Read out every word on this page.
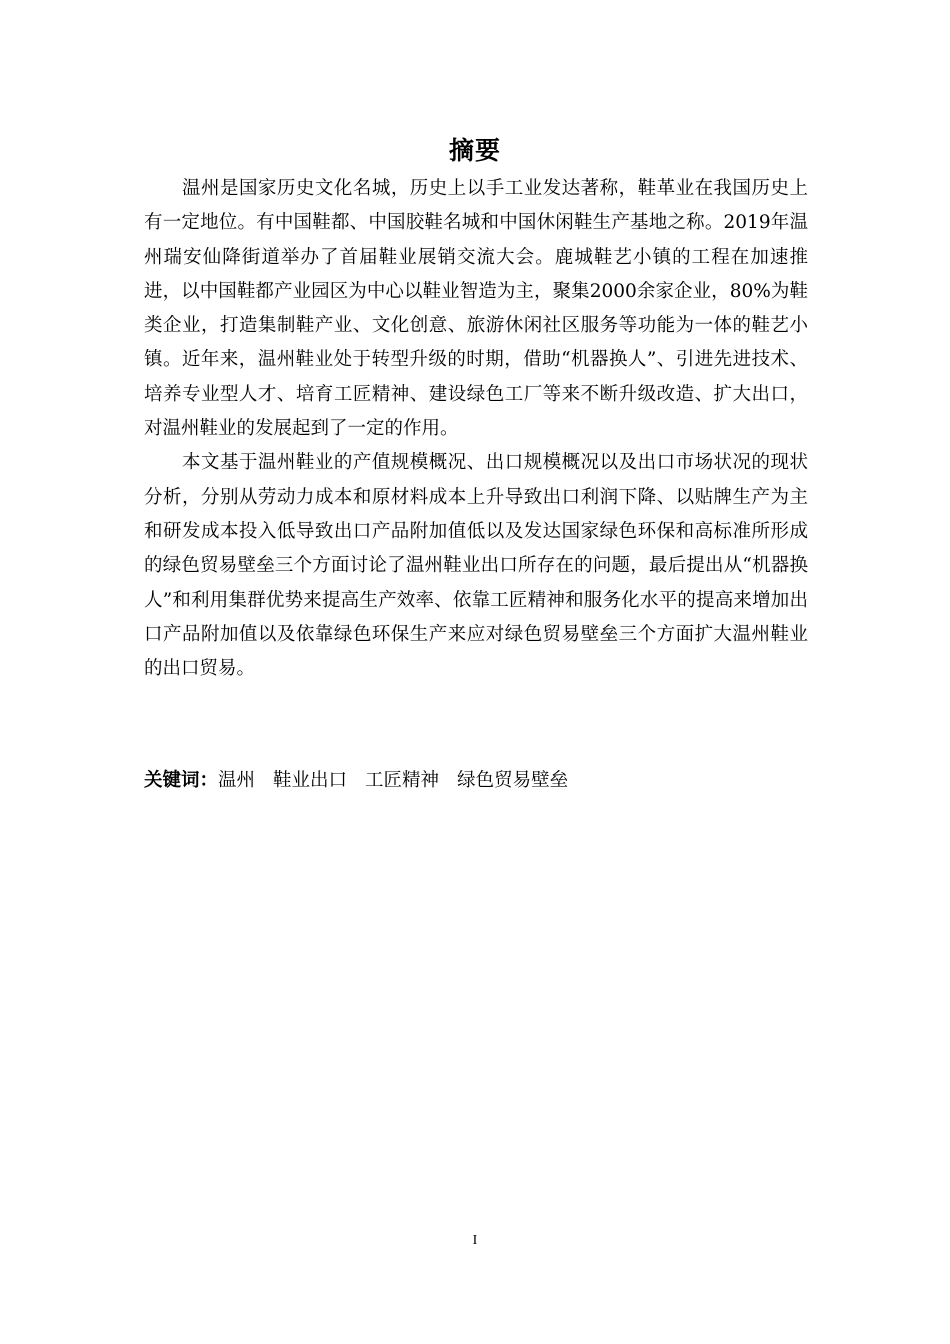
摘要

温州是国家历史文化名城，历史上以手工业发达著称，鞋革业在我国历史上有一定地位。有中国鞋都、中国胶鞋名城和中国休闲鞋生产基地之称。2019年温州瑞安仙降街道举办了首届鞋业展销交流大会。鹿城鞋艺小镇的工程在加速推进，以中国鞋都产业园区为中心以鞋业智造为主，聚集2000余家企业，80%为鞋类企业，打造集制鞋产业、文化创意、旅游休闲社区服务等功能为一体的鞋艺小镇。近年来，温州鞋业处于转型升级的时期，借助“机器换人”、引进先进技术、培养专业型人才、培育工匠精神、建设绿色工厂等来不断升级改造、扩大出口，对温州鞋业的发展起到了一定的作用。

本文基于温州鞋业的产值规模概况、出口规模概况以及出口市场状况的现状分析，分别从劳动力成本和原材料成本上升导致出口利润下降、以贴牌生产为主和研发成本投入低导致出口产品附加值低以及发达国家绿色环保和高标准所形成的绿色贸易壁垒三个方面讨论了温州鞋业出口所存在的问题，最后提出从“机器换人”和利用集群优势来提高生产效率、依靠工匠精神和服务化水平的提高来增加出口产品附加值以及依靠绿色环保生产来应对绿色贸易壁垒三个方面扩大温州鞋业的出口贸易。

关键词：温州 鞋业出口 工匠精神 绿色贸易壁垒
I
